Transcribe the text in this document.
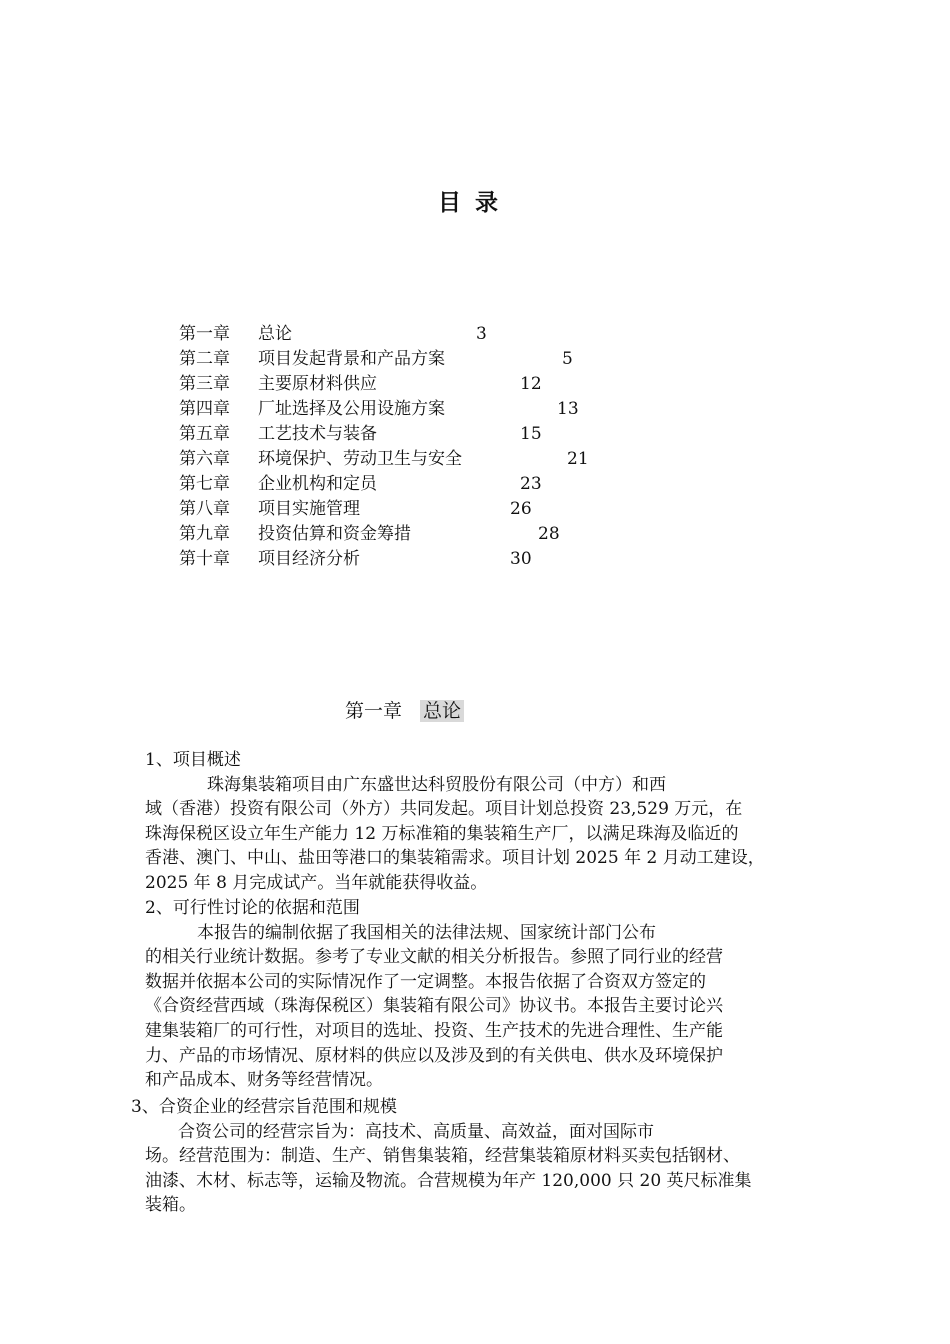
目录
第一章 总论	3
第二章 项目发起背景和产品方案	5
第三章 主要原材料供应	12
第四章 厂址选择及公用设施方案	13
第五章 工艺技术与装备	15
第六章 环境保护、劳动卫生与安全	21
第七章 企业机构和定员	23
第八章 项目实施管理	26
第九章 投资估算和资金筹措	28
第十章 项目经济分析	30
第一章 总论
1、项目概述
珠海集装箱项目由广东盛世达科贸股份有限公司（中方）和西
域（香港）投资有限公司（外方）共同发起。项目计划总投资 23,529 万元，在
珠海保税区设立年生产能力 12 万标准箱的集装箱生产厂，以满足珠海及临近的
香港、澳门、中山、盐田等港口的集装箱需求。项目计划 2025 年 2 月动工建设，
2025 年 8 月完成试产。当年就能获得收益。
2、可行性讨论的依据和范围
本报告的编制依据了我国相关的法律法规、国家统计部门公布
的相关行业统计数据。参考了专业文献的相关分析报告。参照了同行业的经营
数据并依据本公司的实际情况作了一定调整。本报告依据了合资双方签定的
《合资经营西域（珠海保税区）集装箱有限公司》协议书。本报告主要讨论兴
建集装箱厂的可行性，对项目的选址、投资、生产技术的先进合理性、生产能
力、产品的市场情况、原材料的供应以及涉及到的有关供电、供水及环境保护
和产品成本、财务等经营情况。
3、合资企业的经营宗旨范围和规模
合资公司的经营宗旨为：高技术、高质量、高效益，面对国际市
场。经营范围为：制造、生产、销售集装箱，经营集装箱原材料买卖包括钢材、
油漆、木材、标志等，运输及物流。合营规模为年产 120,000 只 20 英尺标准集
装箱。
